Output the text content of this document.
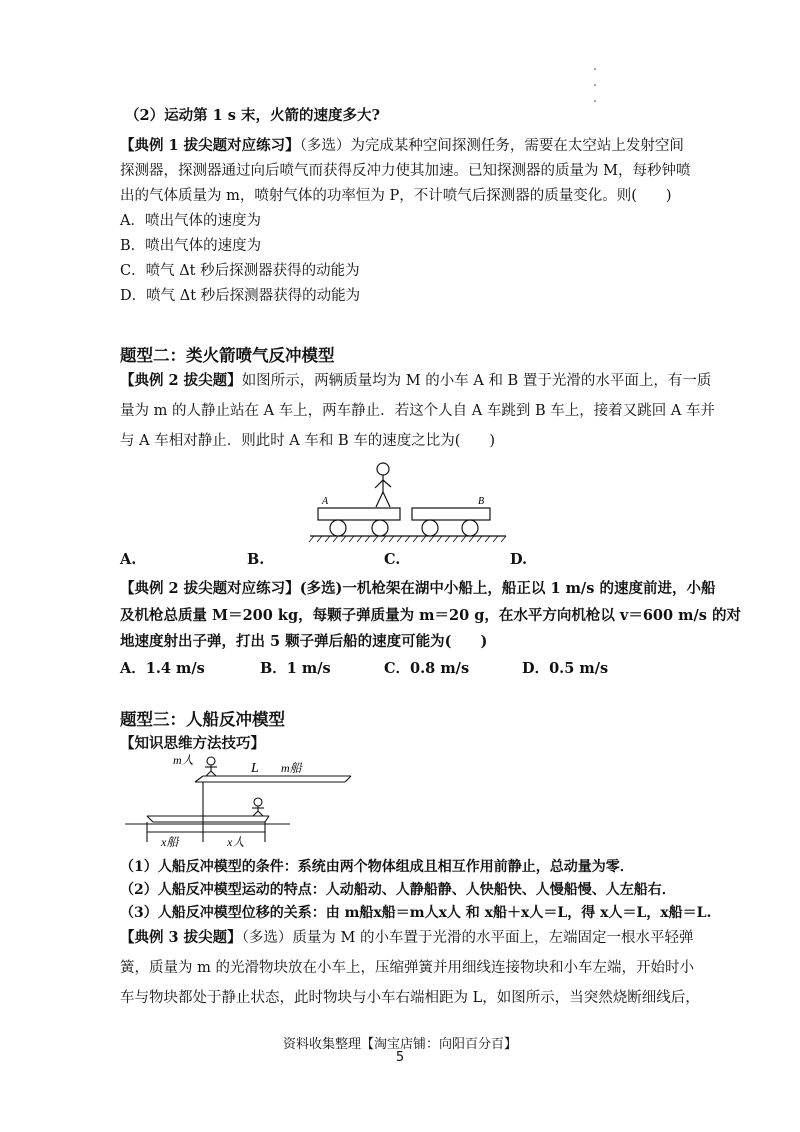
（2）运动第 1 s 末，火箭的速度多大?
【典例 1 拔尖题对应练习】（多选）为完成某种空间探测任务，需要在太空站上发射空间
探测器，探测器通过向后喷气而获得反冲力使其加速。已知探测器的质量为 M，每秒钟喷
出的气体质量为 m，喷射气体的功率恒为 P，不计喷气后探测器的质量变化。则(　　)
A．喷出气体的速度为
B．喷出气体的速度为
C．喷气 Δt 秒后探测器获得的动能为
D．喷气 Δt 秒后探测器获得的动能为
题型二：类火箭喷气反冲模型
【典例 2 拔尖题】如图所示，两辆质量均为 M 的小车 A 和 B 置于光滑的水平面上，有一质
量为 m 的人静止站在 A 车上，两车静止．若这个人自 A 车跳到 B 车上，接着又跳回 A 车并
与 A 车相对静止．则此时 A 车和 B 车的速度之比为(　　)
A	B
A.	B.	C.	D.
【典例 2 拔尖题对应练习】(多选)一机枪架在湖中小船上，船正以 1 m/s 的速度前进，小船
及机枪总质量 M＝200 kg，每颗子弹质量为 m＝20 g，在水平方向机枪以 v＝600 m/s 的对
地速度射出子弹，打出 5 颗子弹后船的速度可能为(　　)
A．1.4 m/s	B．1 m/s	C．0.8 m/s	D．0.5 m/s
题型三：人船反冲模型
【知识思维方法技巧】
m人
L m船
x船	x人
（1）人船反冲模型的条件：系统由两个物体组成且相互作用前静止，总动量为零．
（2）人船反冲模型运动的特点：人动船动、人静船静、人快船快、人慢船慢、人左船右．
（3）人船反冲模型位移的关系：由 m船x船＝m人x人 和 x船＋x人＝L，得 x人＝L，x船＝L.
【典例 3 拔尖题】（多选）质量为 M 的小车置于光滑的水平面上，左端固定一根水平轻弹
簧，质量为 m 的光滑物块放在小车上，压缩弹簧并用细线连接物块和小车左端，开始时小
车与物块都处于静止状态，此时物块与小车右端相距为 L，如图所示，当突然烧断细线后，
资料收集整理【淘宝店铺：向阳百分百】
5
